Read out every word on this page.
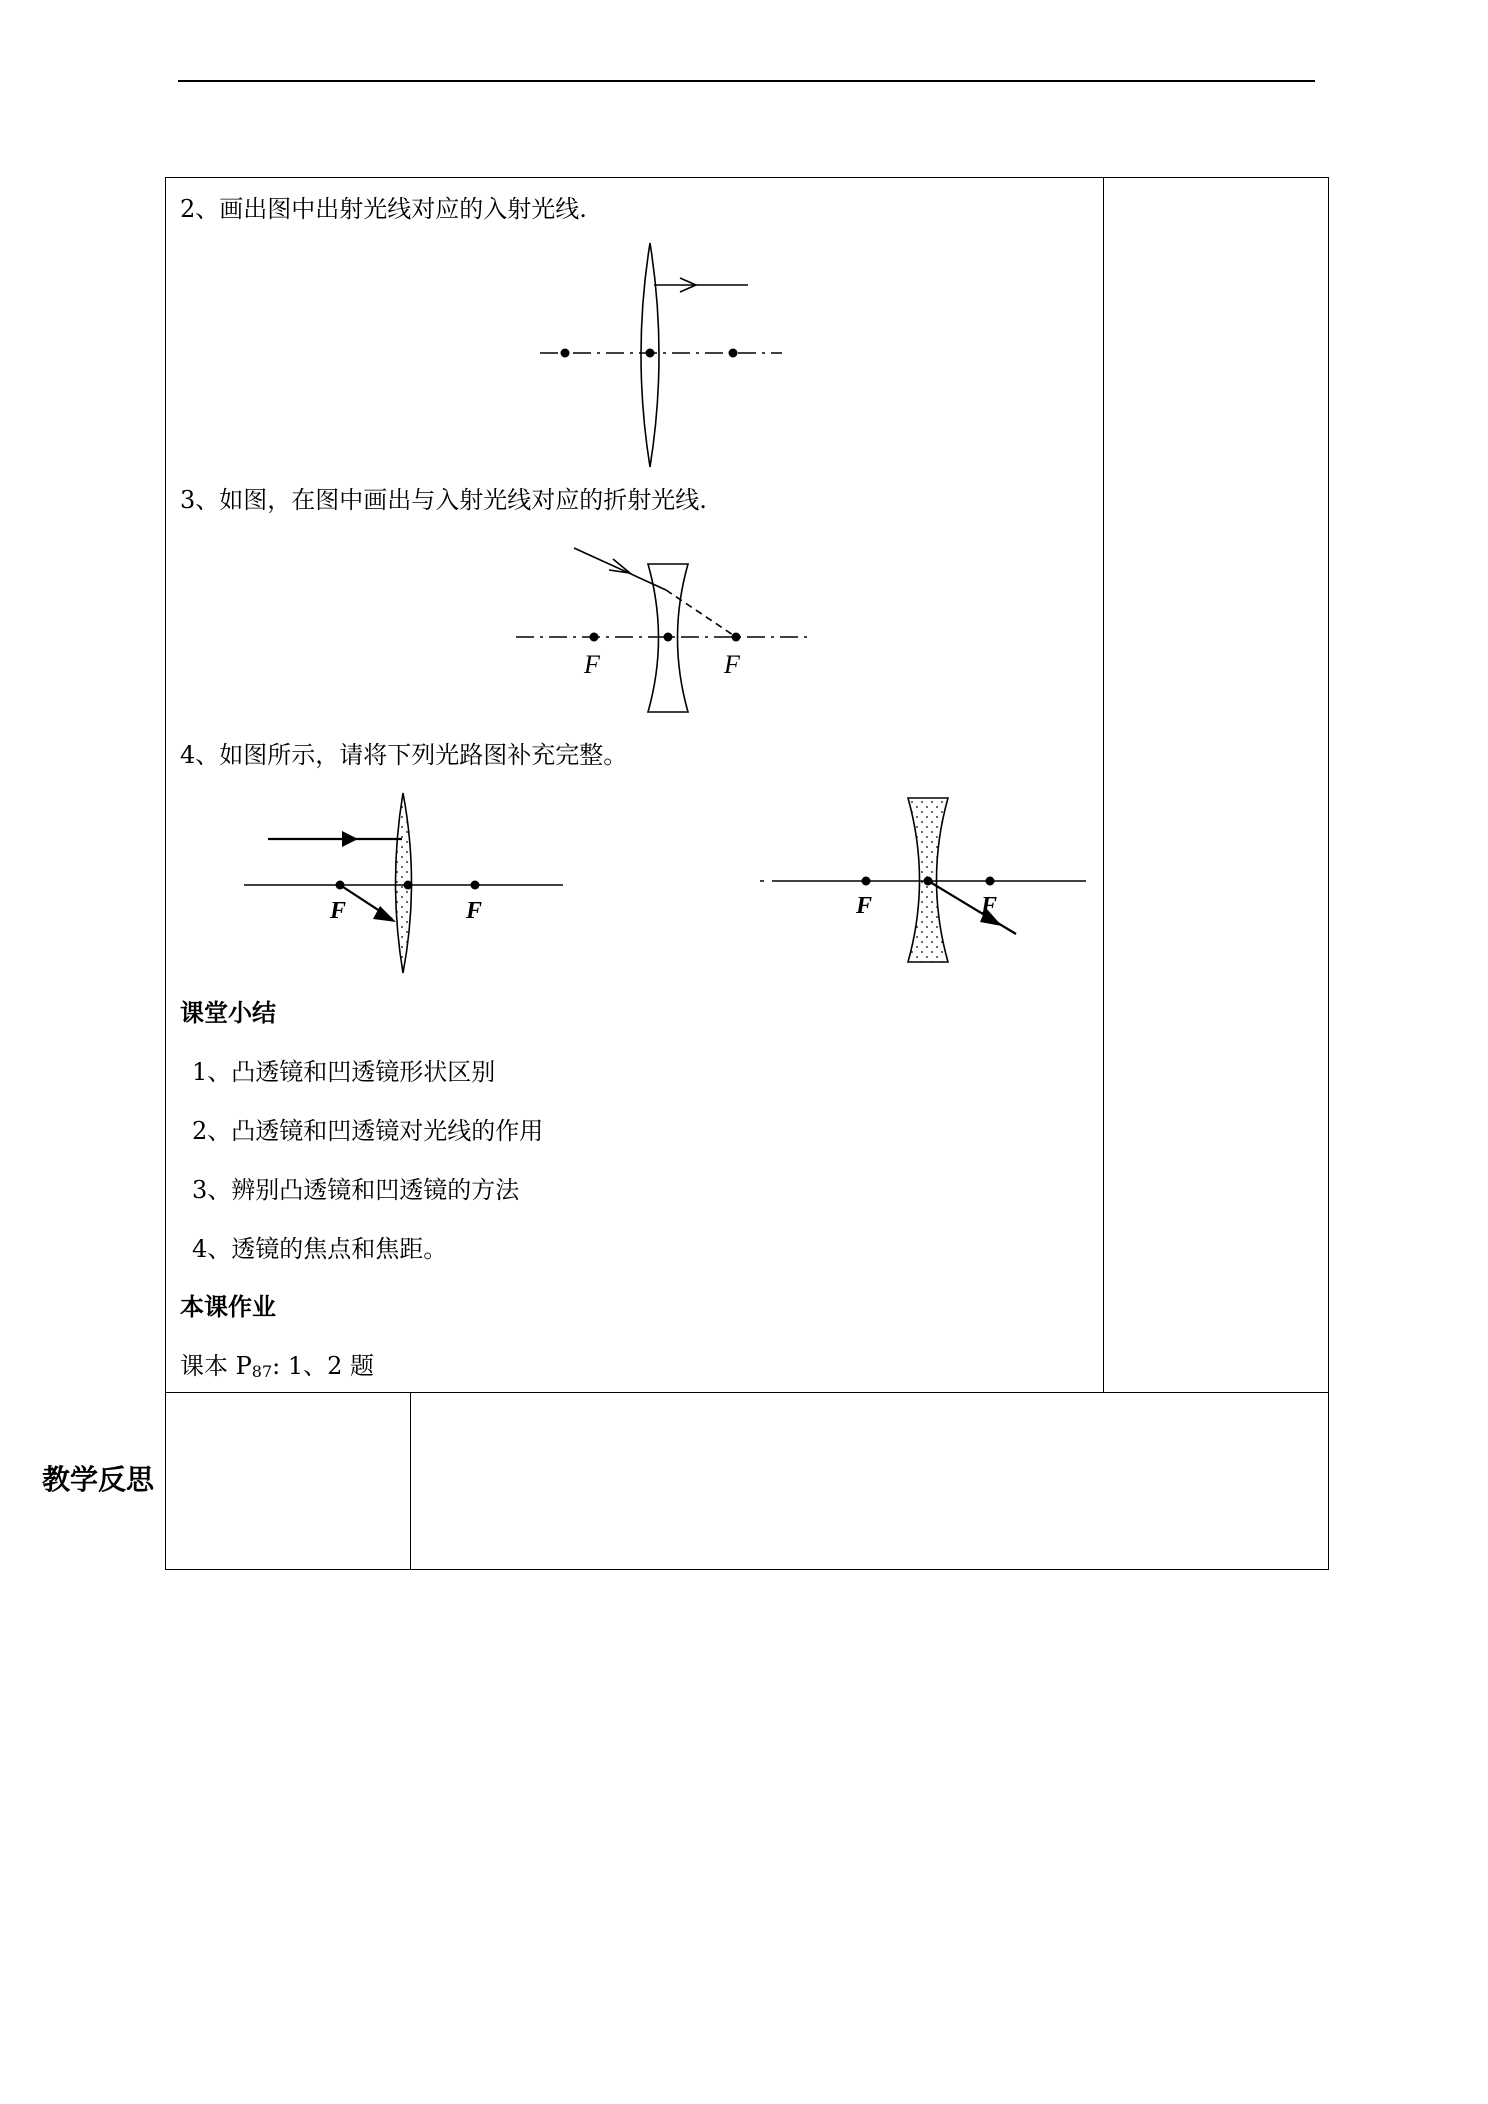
2、画出图中出射光线对应的入射光线.
3、如图，在图中画出与入射光线对应的折射光线.
4、如图所示，请将下列光路图补充完整。
课堂小结
1、凸透镜和凹透镜形状区别
2、凸透镜和凹透镜对光线的作用
3、辨别凸透镜和凹透镜的方法
4、透镜的焦点和焦距。
本课作业
课本 $P_{87}$: 1、2 题
教学反思
F	F
F	F	F	F
